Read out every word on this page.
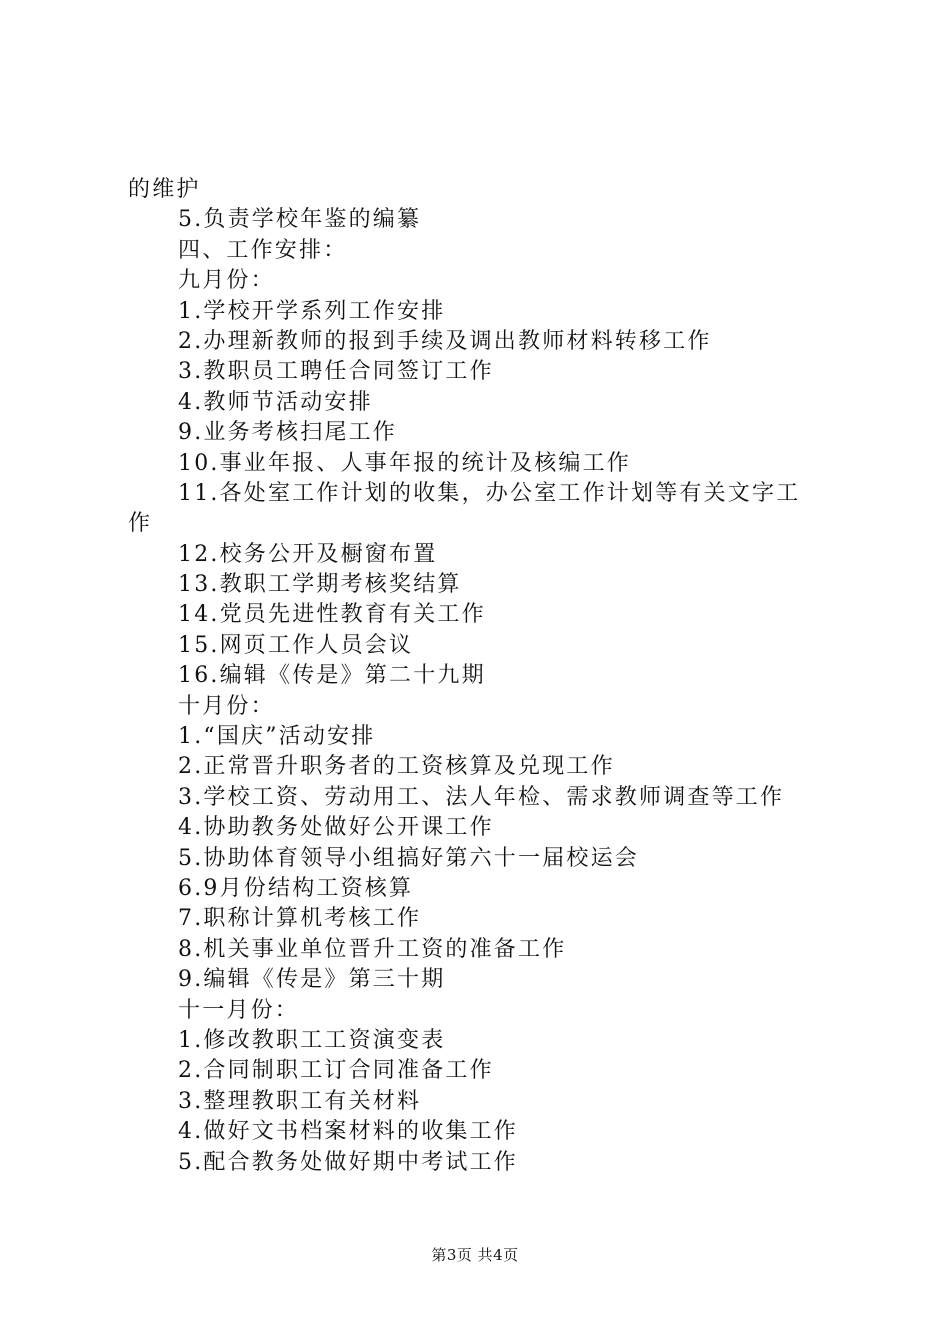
的维护
5.负责学校年鉴的编纂
四、工作安排：
九月份：
1.学校开学系列工作安排
2.办理新教师的报到手续及调出教师材料转移工作
3.教职员工聘任合同签订工作
4.教师节活动安排
9.业务考核扫尾工作
10.事业年报、人事年报的统计及核编工作
11.各处室工作计划的收集，办公室工作计划等有关文字工
作
12.校务公开及橱窗布置
13.教职工学期考核奖结算
14.党员先进性教育有关工作
15.网页工作人员会议
16.编辑《传是》第二十九期
十月份：
1.“国庆”活动安排
2.正常晋升职务者的工资核算及兑现工作
3.学校工资、劳动用工、法人年检、需求教师调查等工作
4.协助教务处做好公开课工作
5.协助体育领导小组搞好第六十一届校运会
6.9月份结构工资核算
7.职称计算机考核工作
8.机关事业单位晋升工资的准备工作
9.编辑《传是》第三十期
十一月份：
1.修改教职工工资演变表
2.合同制职工订合同准备工作
3.整理教职工有关材料
4.做好文书档案材料的收集工作
5.配合教务处做好期中考试工作
第3页 共4页
